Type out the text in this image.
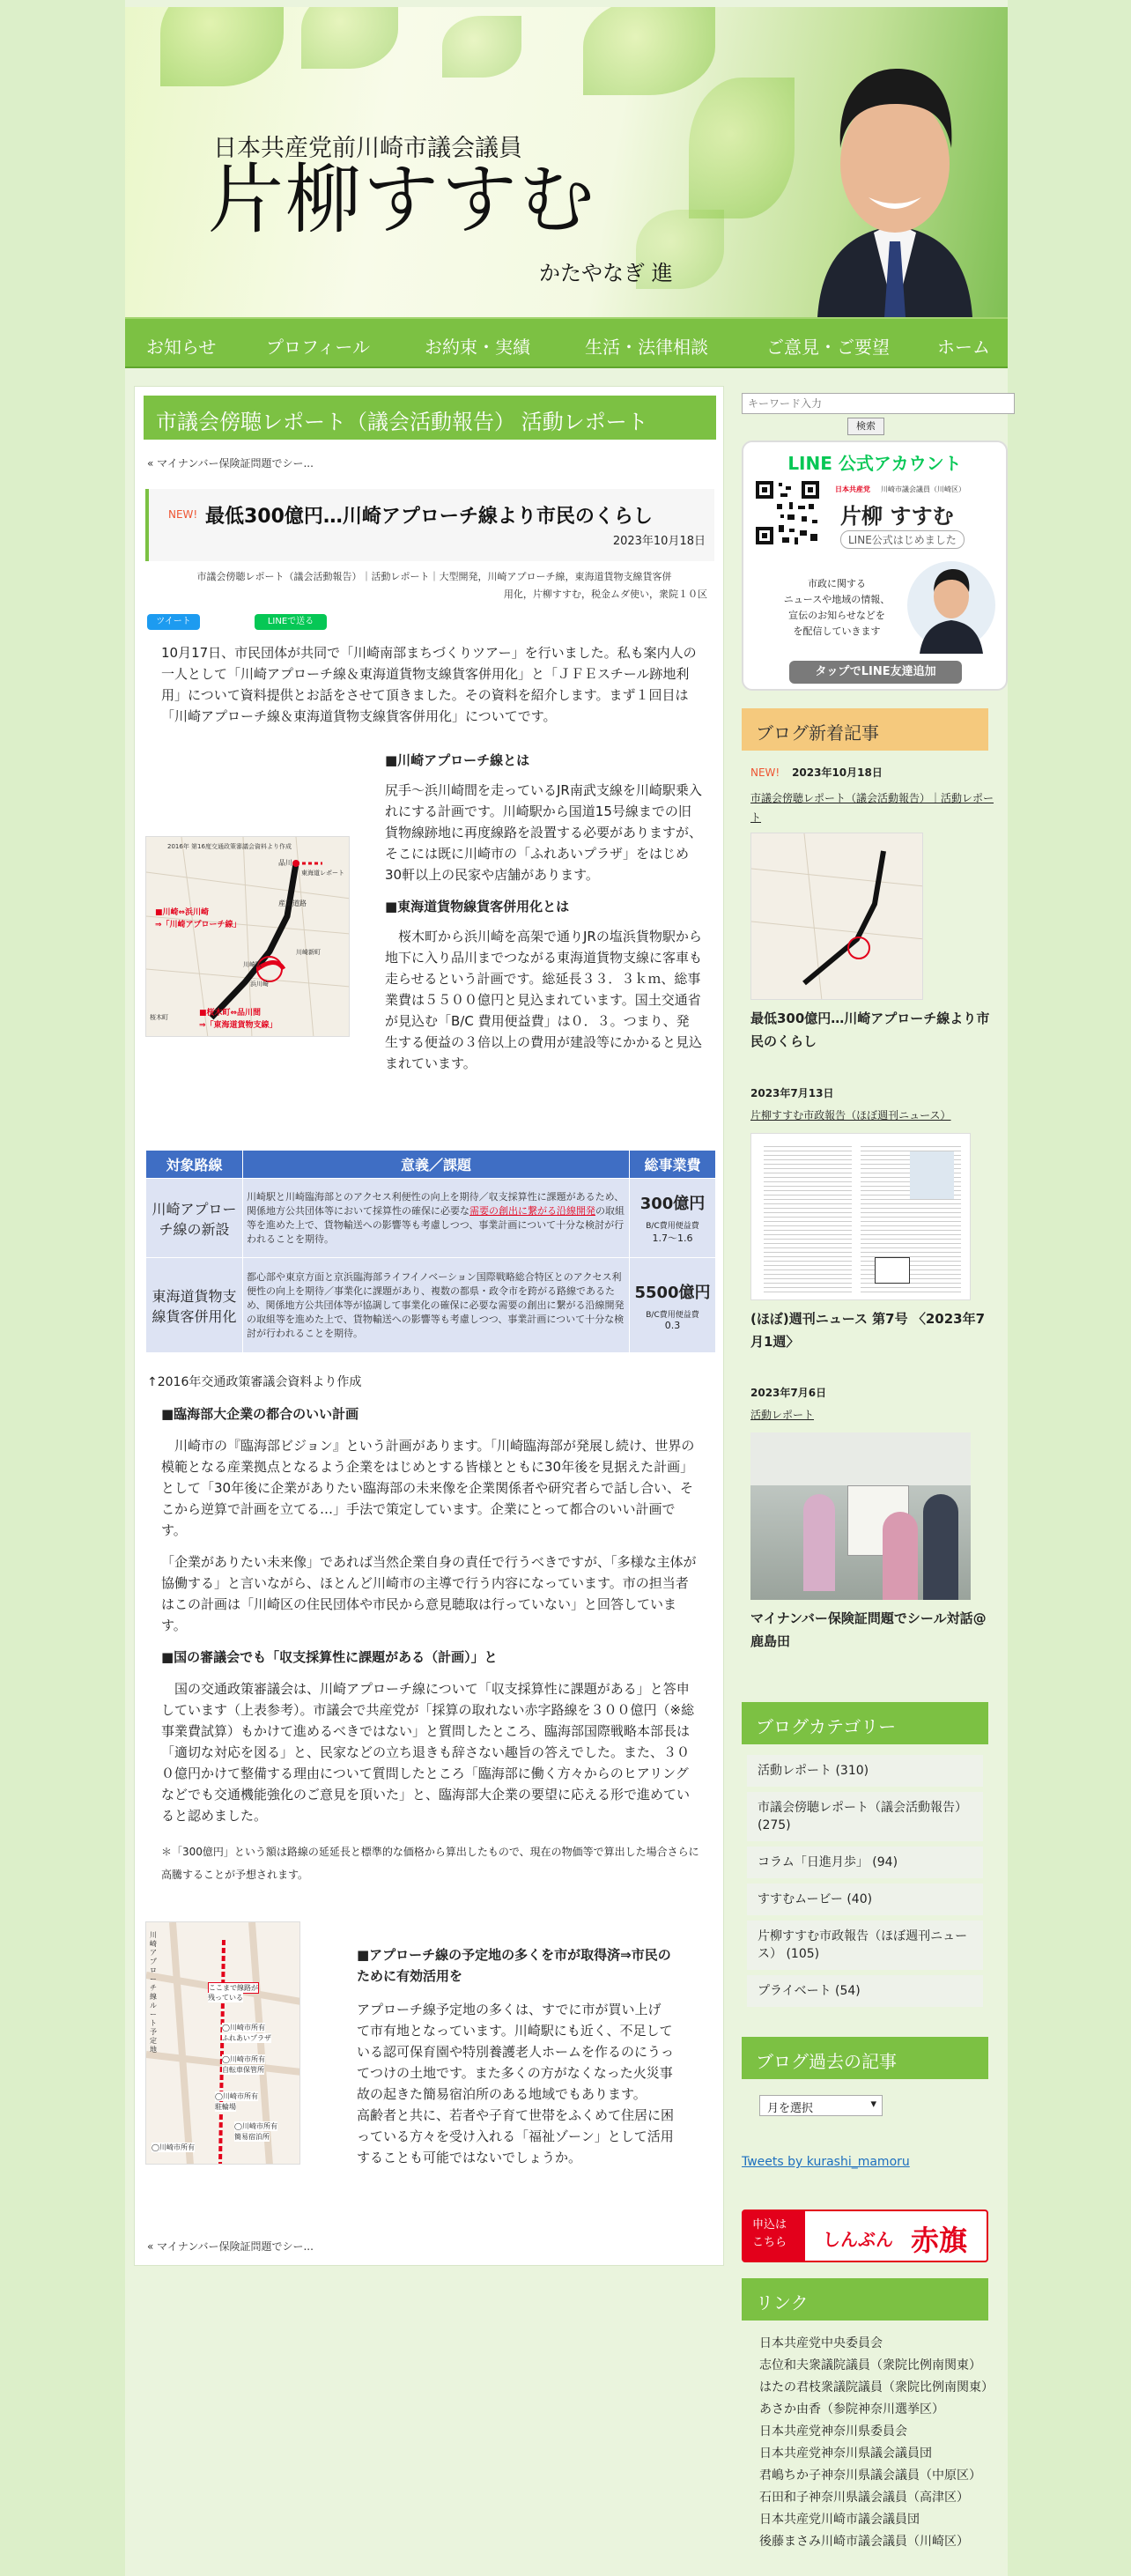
日本共産党前川崎市議会議員
片柳すすむ
かたやなぎ 進
お知らせ	プロフィール	お約束・実績	生活・法律相談	ご意見・ご要望	ホーム
市議会傍聴レポート（議会活動報告） 活動レポート
« マイナンバー保険証問題でシー...
NEW! 最低300億円…川崎アプローチ線より市民のくらし
2023年10月18日
市議会傍聴レポート（議会活動報告）｜活動レポート｜大型開発，川崎アプローチ線，東海道貨物支線貨客併
用化，片柳すすむ，税金ムダ使い，衆院１０区
ツイート	LINEで送る
10月17日、市民団体が共同で「川崎南部まちづくりツアー」を行いました。私も案内人の一人として「川崎アプローチ線＆東海道貨物支線貨客併用化」と「ＪＦＥスチール跡地利用」について資料提供とお話をさせて頂きました。その資料を紹介します。まず１回目は「川崎アプローチ線＆東海道貨物支線貨客併用化」についてです。
2016年 第16度交通政策審議会資料より作成
産業道路
品川
東海道レポート
川崎新町
川崎駅
浜川崎
■川崎⇔浜川崎
⇒「川崎アプローチ線」
■桜木町⇔品川間
⇒「東海道貨物支線」
桜木町
■川崎アプローチ線とは
尻手～浜川崎間を走っているJR南武支線を川崎駅乗入れにする計画です。川崎駅から国道15号線までの旧貨物線跡地に再度線路を設置する必要がありますが、そこには既に川崎市の「ふれあいプラザ」をはじめ30軒以上の民家や店舗があります。
■東海道貨物線貨客併用化とは
桜木町から浜川崎を高架で通りJRの塩浜貨物駅から地下に入り品川までつながる東海道貨物支線に客車も走らせるという計画です。総延長３３．３ｋｍ、総事業費は５５００億円と見込まれています。国土交通省が見込む「B/C 費用便益費」は０．３。つまり、発生する便益の３倍以上の費用が建設等にかかると見込まれています。
対象路線	意義／課題	総事業費
川崎アプローチ線の新設	川崎駅と川崎臨海部とのアクセス利便性の向上を期待／収支採算性に課題があるため、関係地方公共団体等において採算性の確保に必要な需要の創出に繋がる沿線開発の取組等を進めた上で、貨物輸送への影響等も考慮しつつ、事業計画について十分な検討が行われることを期待。	300億円
B/C費用便益費
1.7～1.6

東海道貨物支線貨客併用化	都心部や東京方面と京浜臨海部ライフイノベーション国際戦略総合特区とのアクセス利便性の向上を期待／事業化に課題があり、複数の都県・政令市を跨がる路線であるため、関係地方公共団体等が協調して事業化の確保に必要な需要の創出に繋がる沿線開発の取組等を進めた上で、貨物輸送への影響等も考慮しつつ、事業計画について十分な検討が行われることを期待。	5500億円
B/C費用便益費
0.3
↑2016年交通政策審議会資料より作成
■臨海部大企業の都合のいい計画
川崎市の『臨海部ビジョン』という計画があります。「川崎臨海部が発展し続け、世界の模範となる産業拠点となるよう企業をはじめとする皆様とともに30年後を見据えた計画」として「30年後に企業がありたい臨海部の未来像を企業関係者や研究者らで話し合い、そこから逆算で計画を立てる…」手法で策定しています。企業にとって都合のいい計画です。
「企業がありたい未来像」であれば当然企業自身の責任で行うべきですが、「多様な主体が協働する」と言いながら、ほとんど川崎市の主導で行う内容になっています。市の担当者はこの計画は「川崎区の住民団体や市民から意見聴取は行っていない」と回答しています。
■国の審議会でも「収支採算性に課題がある（計画）」と
国の交通政策審議会は、川崎アプローチ線について「収支採算性に課題がある」と答申しています（上表参考）。市議会で共産党が「採算の取れない赤字路線を３００億円（※総事業費試算）もかけて進めるべきではない」と質問したところ、臨海部国際戦略本部長は「適切な対応を図る」と、民家などの立ち退きも辞さない趣旨の答えでした。また、３００億円かけて整備する理由について質問したところ「臨海部に働く方々からのヒアリングなどでも交通機能強化のご意見を頂いた」と、臨海部大企業の要望に応える形で進めていると認めました。
＊「300億円」という額は路線の延延長と標準的な価格から算出したもので、現在の物価等で算出した場合さらに高騰することが予想されます。
川崎アプローチ線ルート予定地
ここまで線路が
残っている
◯川崎市所有
ふれあいプラザ
◯川崎市所有
自転車保管所
◯川崎市所有
駐輪場
◯川崎市所有
簡易宿泊所
◯川崎市所有
■アプローチ線の予定地の多くを市が取得済⇒市民のために有効活用を
アプローチ線予定地の多くは、すでに市が買い上げて市有地となっています。川崎駅にも近く、不足している認可保育園や特別養護老人ホームを作るのにうってつけの土地です。また多くの方がなくなった火災事故の起きた簡易宿泊所のある地域でもあります。
高齢者と共に、若者や子育て世帯をふくめて住居に困っている方々を受け入れる「福祉ゾーン」として活用することも可能ではないでしょうか。
« マイナンバー保険証問題でシー...
キーワード入力
検索
LINE 公式アカウント
日本共産党 川崎市議会議員（川崎区）
片柳 すすむ
LINE公式はじめました
市政に関する
ニュースや地域の情報、
宣伝のお知らせなどを
を配信していきます
タップでLINE友達追加
ブログ新着記事
NEW! 2023年10月18日
市議会傍聴レポート（議会活動報告）｜活動レポート
最低300億円…川崎アプローチ線より市民のくらし
2023年7月13日
片柳すすむ市政報告（ほぼ週刊ニュース）
(ほぼ)週刊ニュース 第7号 〈2023年7月1週〉
2023年7月6日
活動レポート
マイナンバー保険証問題でシール対話@鹿島田
ブログカテゴリー
活動レポート (310)
市議会傍聴レポート（議会活動報告） (275)
コラム「日進月歩」 (94)
すすむムービー (40)
片柳すすむ市政報告（ほぼ週刊ニュース） (105)
プライベート (54)
ブログ過去の記事
月を選択	▾
Tweets by kurashi_mamoru
申込は こちら	しんぶん 赤旗
リンク
日本共産党中央委員会
志位和夫衆議院議員（衆院比例南関東）
はたの君枝衆議院議員（衆院比例南関東）
あさか由香（参院神奈川選挙区）
日本共産党神奈川県委員会
日本共産党神奈川県議会議員団
君嶋ちか子神奈川県議会議員（中原区）
石田和子神奈川県議会議員（高津区）
日本共産党川崎市議会議員団
後藤まさみ川崎市議会議員（川崎区）
